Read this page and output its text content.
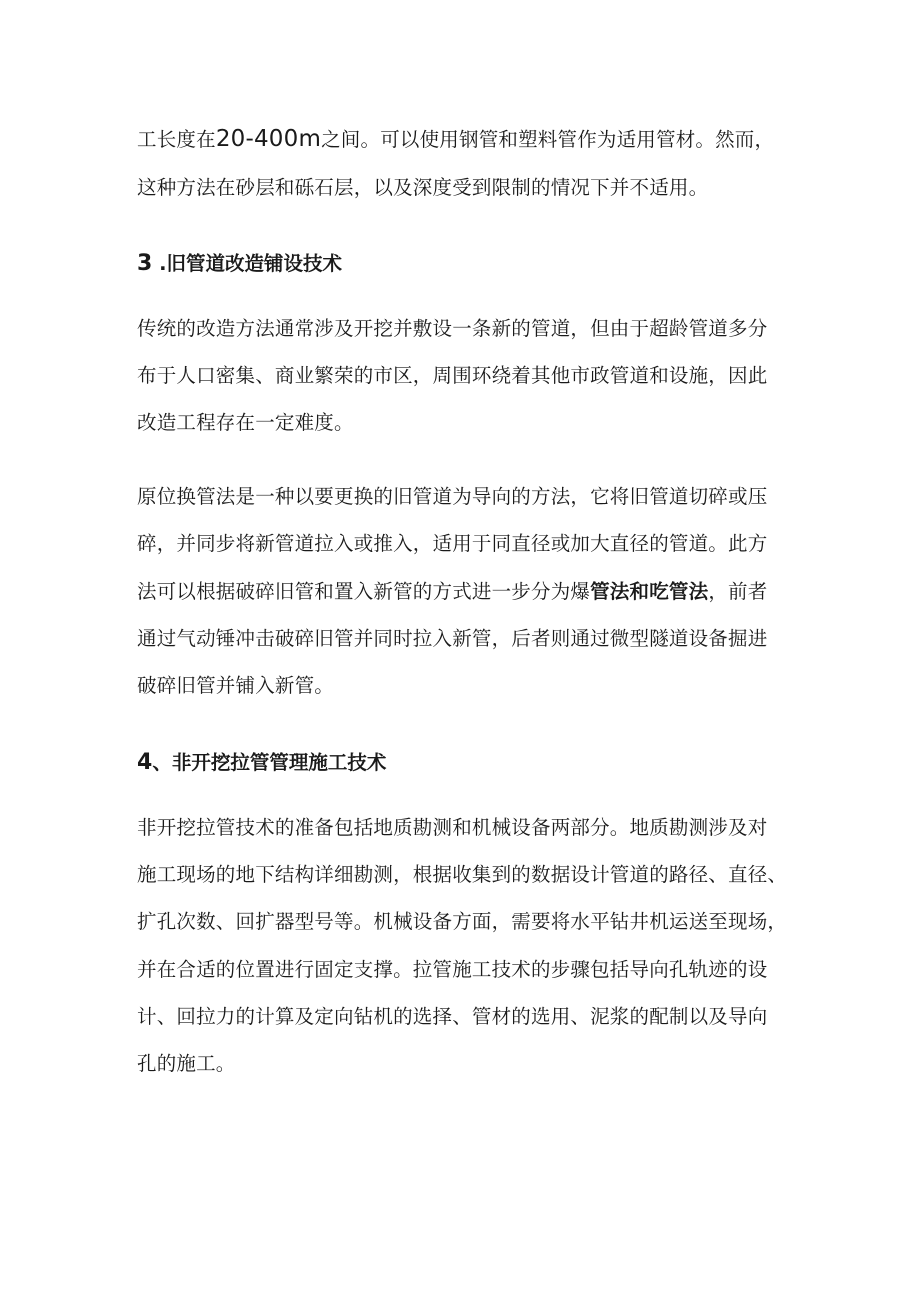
工长度在20-400m之间。可以使用钢管和塑料管作为适用管材。然而，
这种方法在砂层和砾石层，以及深度受到限制的情况下并不适用。
3 .旧管道改造铺设技术
传统的改造方法通常涉及开挖并敷设一条新的管道，但由于超龄管道多分
布于人口密集、商业繁荣的市区，周围环绕着其他市政管道和设施，因此
改造工程存在一定难度。
原位换管法是一种以要更换的旧管道为导向的方法，它将旧管道切碎或压
碎，并同步将新管道拉入或推入，适用于同直径或加大直径的管道。此方
法可以根据破碎旧管和置入新管的方式进一步分为爆管法和吃管法，前者
通过气动锤冲击破碎旧管并同时拉入新管，后者则通过微型隧道设备掘进
破碎旧管并铺入新管。
4、非开挖拉管管理施工技术
非开挖拉管技术的准备包括地质勘测和机械设备两部分。地质勘测涉及对
施工现场的地下结构详细勘测，根据收集到的数据设计管道的路径、直径、
扩孔次数、回扩器型号等。机械设备方面，需要将水平钻井机运送至现场，
并在合适的位置进行固定支撑。拉管施工技术的步骤包括导向孔轨迹的设
计、回拉力的计算及定向钻机的选择、管材的选用、泥浆的配制以及导向
孔的施工。
